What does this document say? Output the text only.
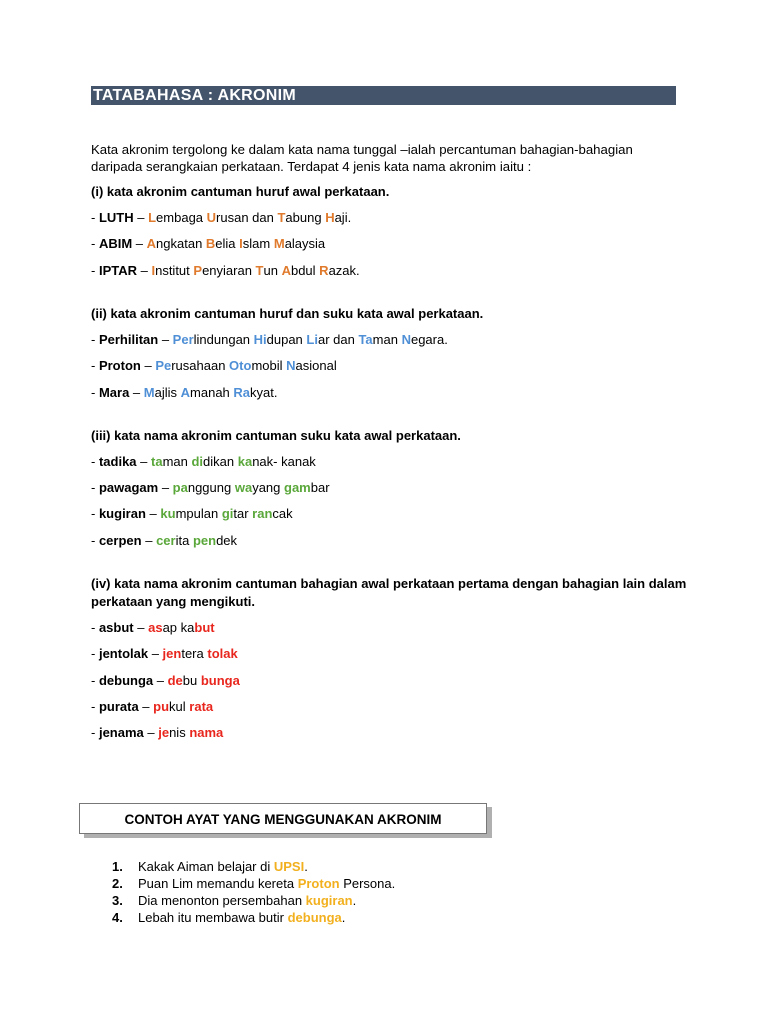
TATABAHASA : AKRONIM

Kata akronim tergolong ke dalam kata nama tunggal –ialah percantuman bahagian-bahagian

daripada serangkaian perkataan. Terdapat 4 jenis kata nama akronim iaitu :

(i) kata akronim cantuman huruf awal perkataan.

- LUTH – Lembaga Urusan dan Tabung Haji.
- ABIM – Angkatan Belia Islam Malaysia
- IPTAR – Institut Penyiaran Tun Abdul Razak.

(ii) kata akronim cantuman huruf dan suku kata awal perkataan.

- Perhilitan – Perlindungan Hidupan Liar dan Taman Negara.
- Proton – Perusahaan Otomobil Nasional
- Mara – Majlis Amanah Rakyat.

(iii) kata nama akronim cantuman suku kata awal perkataan.

- tadika – taman didikan kanak- kanak
- pawagam – panggung wayang gambar
- kugiran – kumpulan gitar rancak
- cerpen – cerita pendek

(iv) kata nama akronim cantuman bahagian awal perkataan pertama dengan bahagian lain dalam perkataan yang mengikuti.

- asbut – asap kabut
- jentolak – jentera tolak
- debunga – debu bunga
- purata – pukul rata
- jenama – jenis nama
CONTOH AYAT YANG MENGGUNAKAN AKRONIM
1. Kakak Aiman belajar di UPSI.
2. Puan Lim memandu kereta Proton Persona.
3. Dia menonton persembahan kugiran.
4. Lebah itu membawa butir debunga.
